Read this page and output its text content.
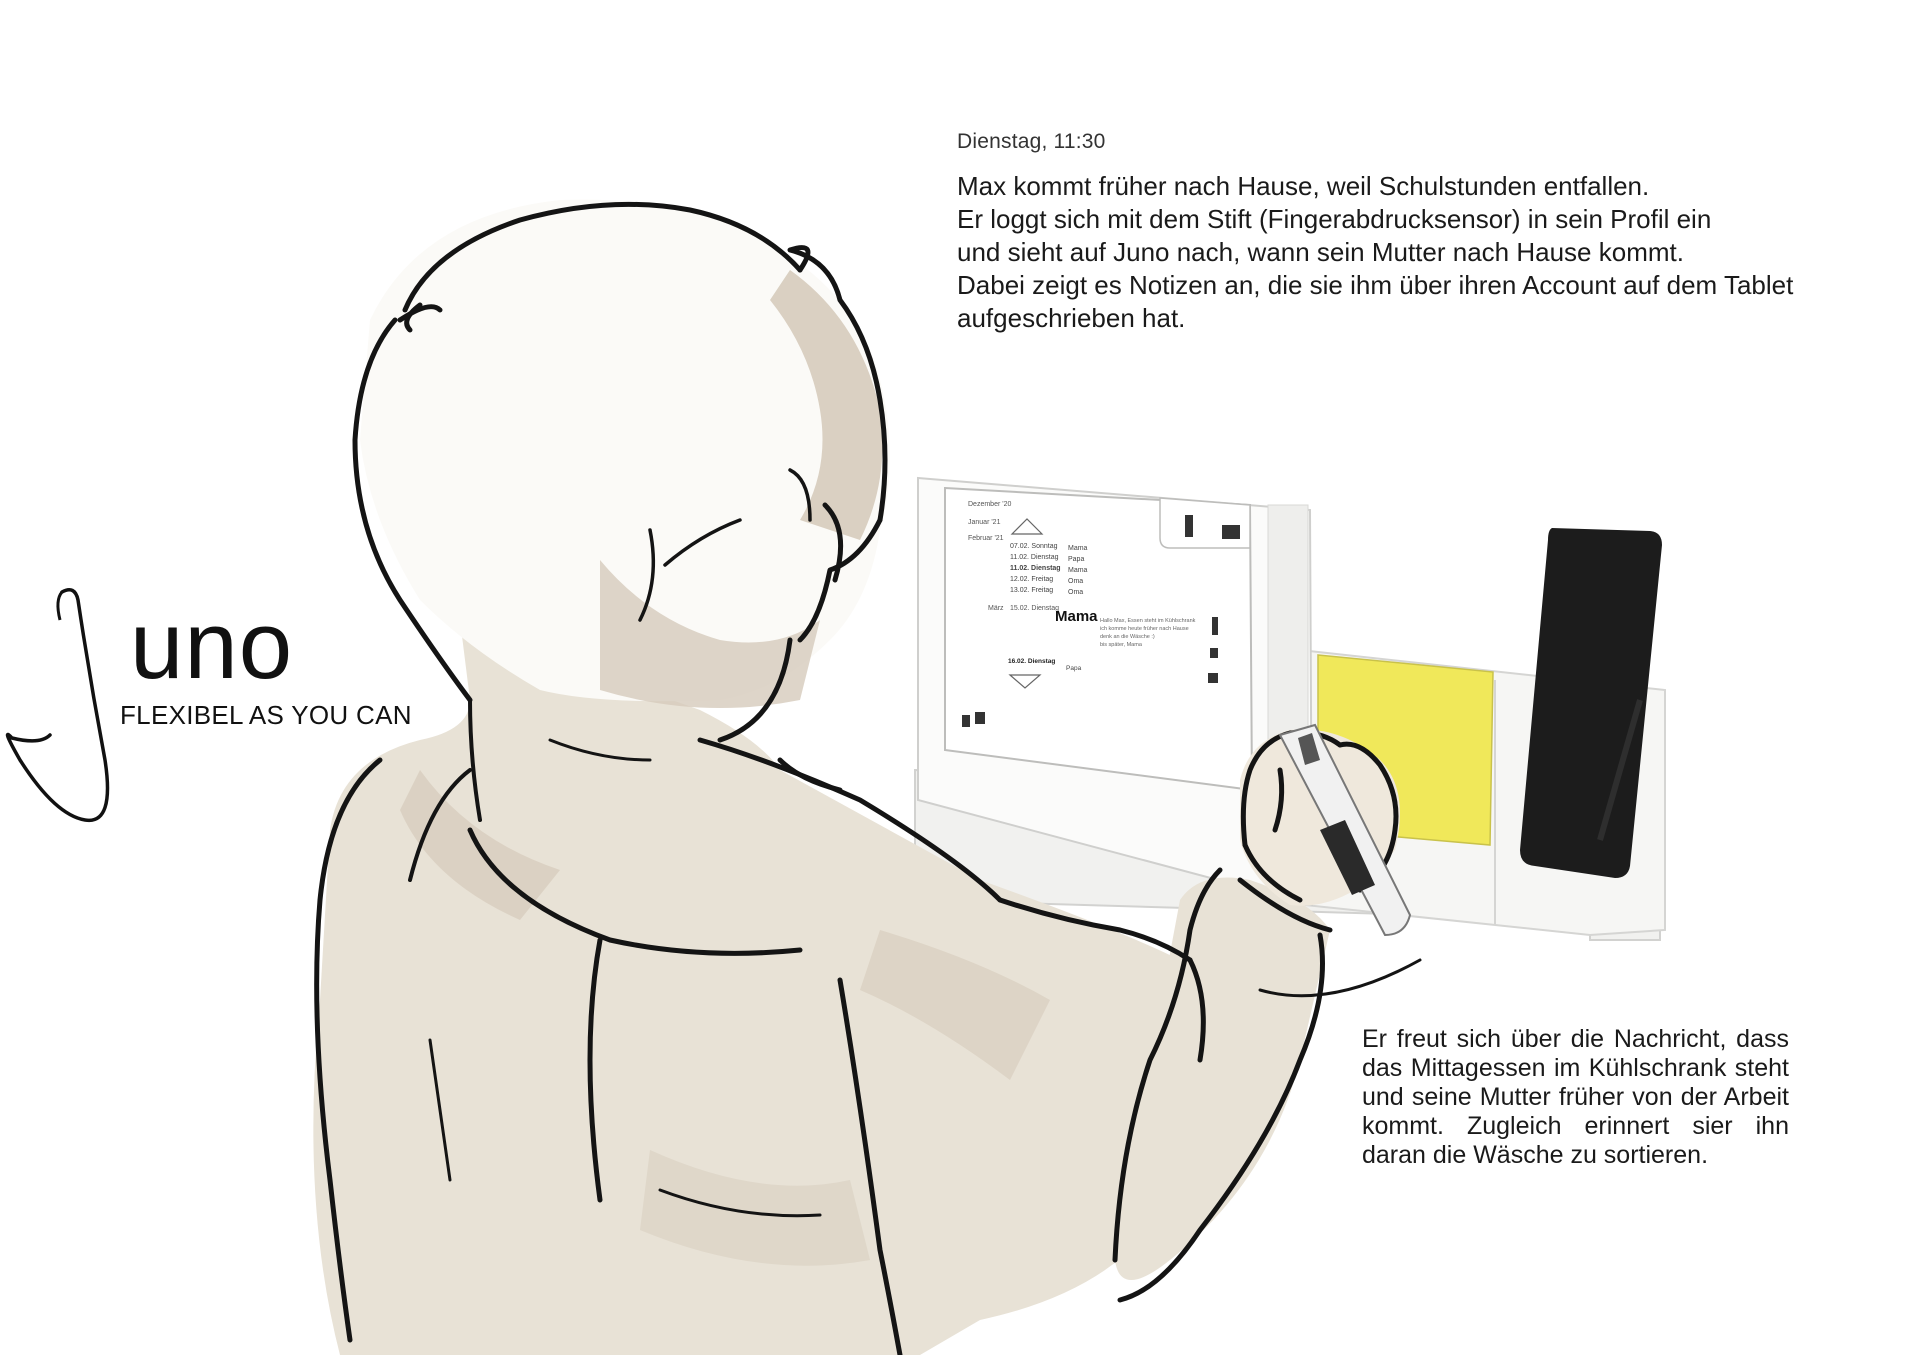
Dezember '20
Januar '21
Februar '21
März
07.02. Sonntag Mama
11.02. Dienstag Papa
11.02. Dienstag Mama
12.02. Freitag Oma
13.02. Freitag Oma
15.02. Dienstag
Mama Hallo Max, Essen steht im Kühlschrank
ich komme heute früher nach Hause
denk an die Wäsche :)
bis später, Mama
16.02. Dienstag
Papa
uno
FLEXIBEL AS YOU CAN
Dienstag, 11:30

Max kommt früher nach Hause, weil Schulstunden entfallen.

Er loggt sich mit dem Stift (Fingerabdrucksensor) in sein Profil ein

und sieht auf Juno nach, wann sein Mutter nach Hause kommt.

Dabei zeigt es Notizen an, die sie ihm über ihren Account auf dem Tablet

aufgeschrieben hat.

Er freut sich über die Nachricht, dass das Mittagessen im Kühlschrank steht und seine Mutter früher von der Arbeit kommt. Zugleich erinnert sier ihn daran die Wäsche zu sortieren.
